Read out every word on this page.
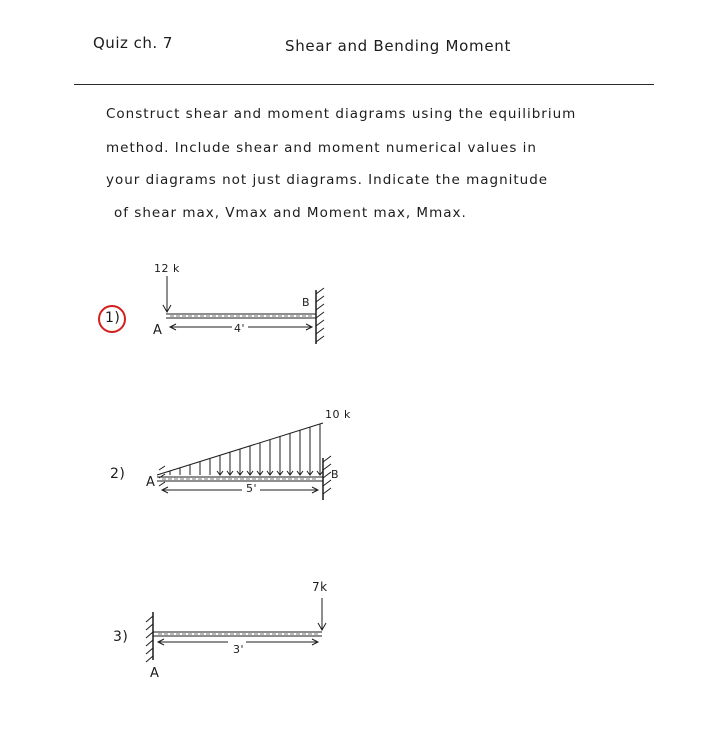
Quiz ch. 7	Shear and Bending Moment
Construct shear and moment diagrams using the equilibrium
method. Include shear and moment numerical values in
your diagrams not just diagrams. Indicate the magnitude
of shear max, Vmax and Moment max, Mmax.
1)
12 k
A
B
4'
2)
10 k
A
B
5'
3)
7k
A
3'
